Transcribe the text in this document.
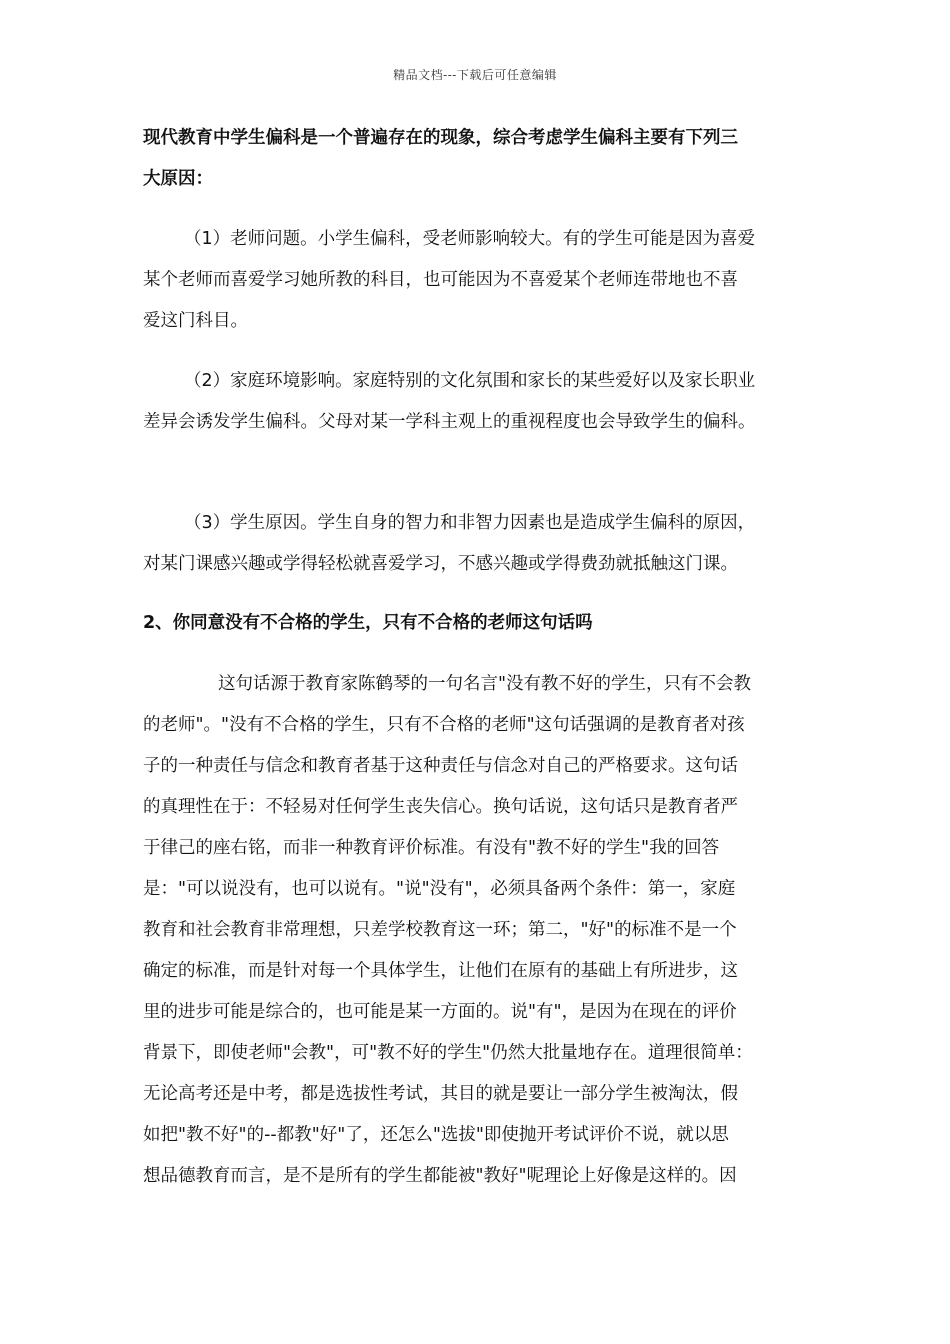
精品文档---下载后可任意编辑
现代教育中学生偏科是一个普遍存在的现象，综合考虑学生偏科主要有下列三
大原因：
（1）老师问题。小学生偏科，受老师影响较大。有的学生可能是因为喜爱
某个老师而喜爱学习她所教的科目，也可能因为不喜爱某个老师连带地也不喜
爱这门科目。
（2）家庭环境影响。家庭特别的文化氛围和家长的某些爱好以及家长职业
差异会诱发学生偏科。父母对某一学科主观上的重视程度也会导致学生的偏科。
（3）学生原因。学生自身的智力和非智力因素也是造成学生偏科的原因，
对某门课感兴趣或学得轻松就喜爱学习，不感兴趣或学得费劲就抵触这门课。
2、你同意没有不合格的学生，只有不合格的老师这句话吗
这句话源于教育家陈鹤琴的一句名言"没有教不好的学生，只有不会教
的老师"。"没有不合格的学生，只有不合格的老师"这句话强调的是教育者对孩
子的一种责任与信念和教育者基于这种责任与信念对自己的严格要求。这句话
的真理性在于：不轻易对任何学生丧失信心。换句话说，这句话只是教育者严
于律己的座右铭，而非一种教育评价标准。有没有"教不好的学生"我的回答
是："可以说没有，也可以说有。"说"没有"，必须具备两个条件：第一，家庭
教育和社会教育非常理想，只差学校教育这一环；第二，"好"的标准不是一个
确定的标准，而是针对每一个具体学生，让他们在原有的基础上有所进步，这
里的进步可能是综合的，也可能是某一方面的。说"有"，是因为在现在的评价
背景下，即使老师"会教"，可"教不好的学生"仍然大批量地存在。道理很简单：
无论高考还是中考，都是选拔性考试，其目的就是要让一部分学生被淘汰，假
如把"教不好"的--都教"好"了，还怎么"选拔"即使抛开考试评价不说，就以思
想品德教育而言，是不是所有的学生都能被"教好"呢理论上好像是这样的。因
